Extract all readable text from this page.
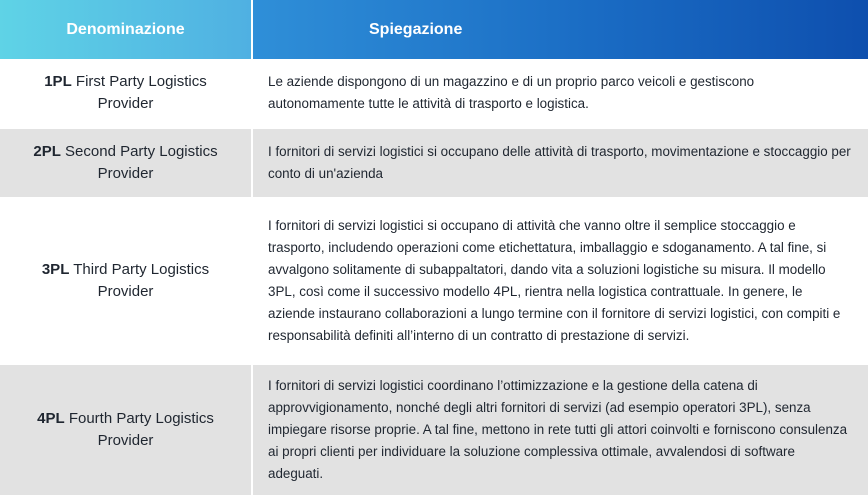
Denominazione	Spiegazione
1PL First Party Logistics Provider
Le aziende dispongono di un magazzino e di un proprio parco veicoli e gestiscono autonomamente tutte le attività di trasporto e logistica.
2PL Second Party Logistics Provider
I fornitori di servizi logistici si occupano delle attività di trasporto, movimentazione e stoccaggio per conto di un'azienda
3PL Third Party Logistics Provider
I fornitori di servizi logistici si occupano di attività che vanno oltre il semplice stoccaggio e trasporto, includendo operazioni come etichettatura, imballaggio e sdoganamento. A tal fine, si avvalgono solitamente di subappaltatori, dando vita a soluzioni logistiche su misura. Il modello 3PL, così come il successivo modello 4PL, rientra nella logistica contrattuale. In genere, le aziende instaurano collaborazioni a lungo termine con il fornitore di servizi logistici, con compiti e responsabilità definiti all’interno di un contratto di prestazione di servizi.
4PL Fourth Party Logistics Provider
I fornitori di servizi logistici coordinano l’ottimizzazione e la gestione della catena di approvvigionamento, nonché degli altri fornitori di servizi (ad esempio operatori 3PL), senza impiegare risorse proprie. A tal fine, mettono in rete tutti gli attori coinvolti e forniscono consulenza ai propri clienti per individuare la soluzione complessiva ottimale, avvalendosi di software adeguati.
